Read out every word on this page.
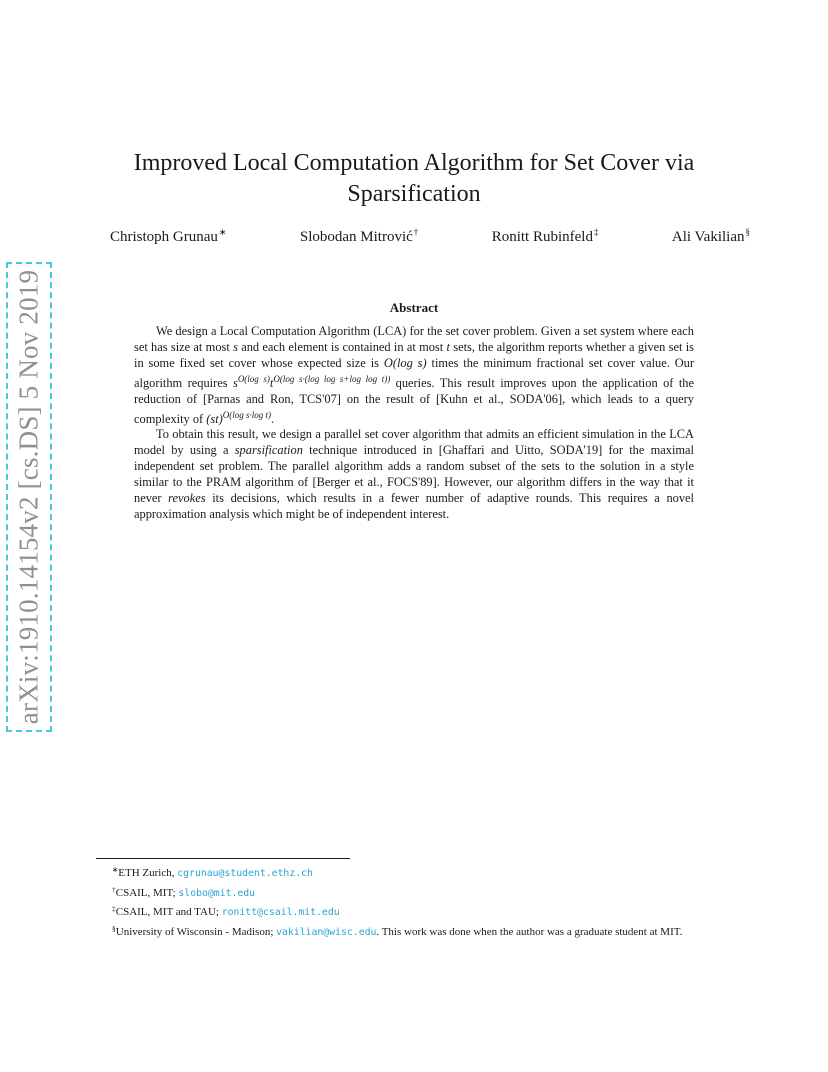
arXiv:1910.14154v2 [cs.DS] 5 Nov 2019
Improved Local Computation Algorithm for Set Cover via Sparsification
Christoph Grunau∗	Slobodan Mitrović†	Ronitt Rubinfeld‡	Ali Vakilian§
Abstract

We design a Local Computation Algorithm (LCA) for the set cover problem. Given a set system where each set has size at most s and each element is contained in at most t sets, the algorithm reports whether a given set is in some fixed set cover whose expected size is O(log s) times the minimum fractional set cover value. Our algorithm requires $s^{O(log s)}t^{O(log s\cdot(log log s+log log t))}$ queries. This result improves upon the application of the reduction of [Parnas and Ron, TCS'07] on the result of [Kuhn et al., SODA'06], which leads to a query complexity of (st)$^{O(log s\cdot log t)}$.

To obtain this result, we design a parallel set cover algorithm that admits an efficient simulation in the LCA model by using a sparsification technique introduced in [Ghaffari and Uitto, SODA'19] for the maximal independent set problem. The parallel algorithm adds a random subset of the sets to the solution in a style similar to the PRAM algorithm of [Berger et al., FOCS'89]. However, our algorithm differs in the way that it never revokes its decisions, which results in a fewer number of adaptive rounds. This requires a novel approximation analysis which might be of independent interest.

∗ETH Zurich, cgrunau@student.ethz.ch

†CSAIL, MIT; slobo@mit.edu

‡CSAIL, MIT and TAU; ronitt@csail.mit.edu

§University of Wisconsin - Madison; vakilian@wisc.edu. This work was done when the author was a graduate student at MIT.
